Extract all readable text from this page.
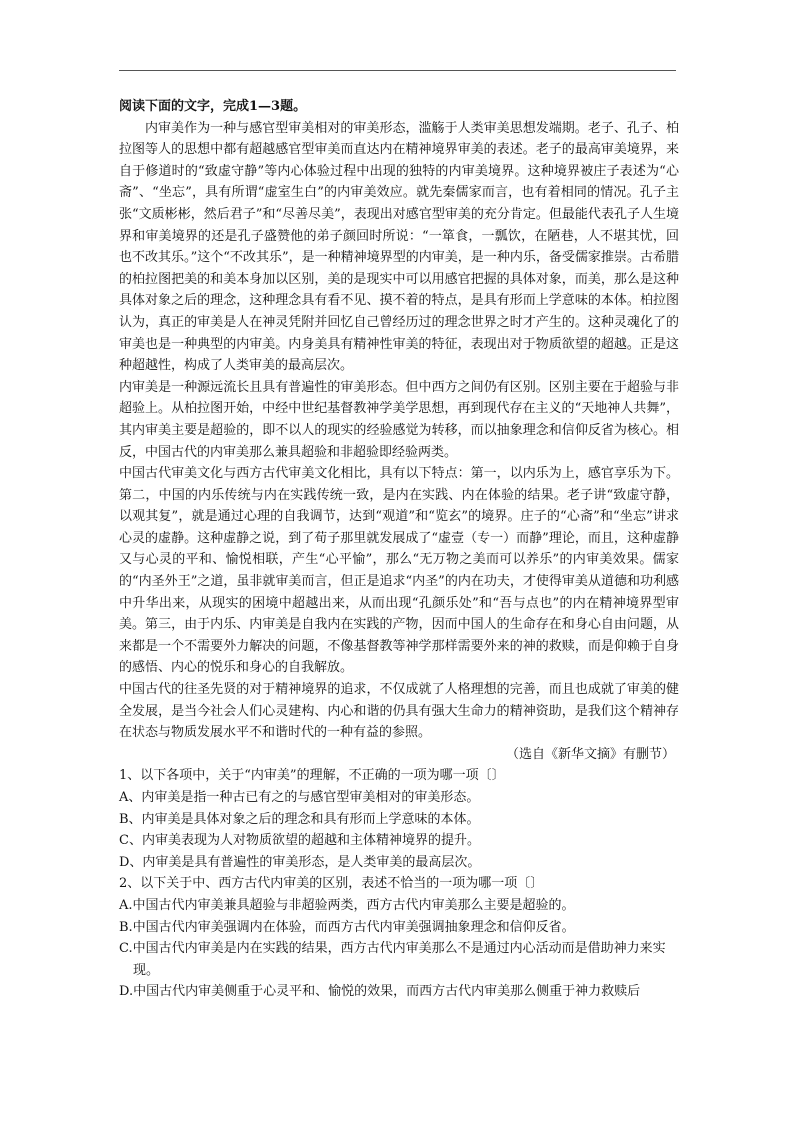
阅读下面的文字，完成1—3题。

内审美作为一种与感官型审美相对的审美形态，滥觞于人类审美思想发端期。老子、孔子、柏拉图等人的思想中都有超越感官型审美而直达内在精神境界审美的表述。老子的最高审美境界，来自于修道时的“致虚守静”等内心体验过程中出现的独特的内审美境界。这种境界被庄子表述为“心斋”、“坐忘”，具有所谓“虚室生白”的内审美效应。就先秦儒家而言，也有着相同的情况。孔子主张“文质彬彬，然后君子”和“尽善尽美”，表现出对感官型审美的充分肯定。但最能代表孔子人生境界和审美境界的还是孔子盛赞他的弟子颜回时所说：“一箪食，一瓢饮，在陋巷，人不堪其忧，回也不改其乐。”这个“不改其乐”，是一种精神境界型的内审美，是一种内乐，备受儒家推崇。古希腊的柏拉图把美的和美本身加以区别，美的是现实中可以用感官把握的具体对象，而美，那么是这种具体对象之后的理念，这种理念具有看不见、摸不着的特点，是具有形而上学意味的本体。柏拉图认为，真正的审美是人在神灵凭附并回忆自己曾经历过的理念世界之时才产生的。这种灵魂化了的审美也是一种典型的内审美。内身美具有精神性审美的特征，表现出对于物质欲望的超越。正是这种超越性，构成了人类审美的最高层次。

内审美是一种源远流长且具有普遍性的审美形态。但中西方之间仍有区别。区别主要在于超验与非超验上。从柏拉图开始，中经中世纪基督教神学美学思想，再到现代存在主义的“天地神人共舞”，其内审美主要是超验的，即不以人的现实的经验感觉为转移，而以抽象理念和信仰反省为核心。相反，中国古代的内审美那么兼具超验和非超验即经验两类。

中国古代审美文化与西方古代审美文化相比，具有以下特点：第一，以内乐为上，感官享乐为下。第二，中国的内乐传统与内在实践传统一致，是内在实践、内在体验的结果。老子讲“致虚守静，以观其复”，就是通过心理的自我调节，达到“观道”和“览玄”的境界。庄子的“心斋”和“坐忘”讲求心灵的虚静。这种虚静之说，到了荀子那里就发展成了“虚壹（专一）而静”理论，而且，这种虚静又与心灵的平和、愉悦相联，产生“心平愉”，那么“无万物之美而可以养乐”的内审美效果。儒家的“内圣外王”之道，虽非就审美而言，但正是追求“内圣”的内在功夫，才使得审美从道德和功利感中升华出来，从现实的困境中超越出来，从而出现“孔颜乐处”和“吾与点也”的内在精神境界型审美。第三，由于内乐、内审美是自我内在实践的产物，因而中国人的生命存在和身心自由问题，从来都是一个不需要外力解决的问题，不像基督教等神学那样需要外来的神的救赎，而是仰赖于自身的感悟、内心的悦乐和身心的自我解放。

中国古代的往圣先贤的对于精神境界的追求，不仅成就了人格理想的完善，而且也成就了审美的健全发展，是当今社会人们心灵建构、内心和谐的仍具有强大生命力的精神资助，是我们这个精神存在状态与物质发展水平不和谐时代的一种有益的参照。

（选自《新华文摘》有删节）

1、以下各项中，关于“内审美”的理解，不正确的一项为哪一项〔〕

A、内审美是指一种古已有之的与感官型审美相对的审美形态。

B、内审美是具体对象之后的理念和具有形而上学意味的本体。

C、内审美表现为人对物质欲望的超越和主体精神境界的提升。

D、内审美是具有普遍性的审美形态，是人类审美的最高层次。

2、以下关于中、西方古代内审美的区别，表述不恰当的一项为哪一项〔〕

A.中国古代内审美兼具超验与非超验两类，西方古代内审美那么主要是超验的。

B.中国古代内审美强调内在体验，而西方古代内审美强调抽象理念和信仰反省。

C.中国古代内审美是内在实践的结果，西方古代内审美那么不是通过内心活动而是借助神力来实现。

D.中国古代内审美侧重于心灵平和、愉悦的效果，而西方古代内审美那么侧重于神力救赎后
